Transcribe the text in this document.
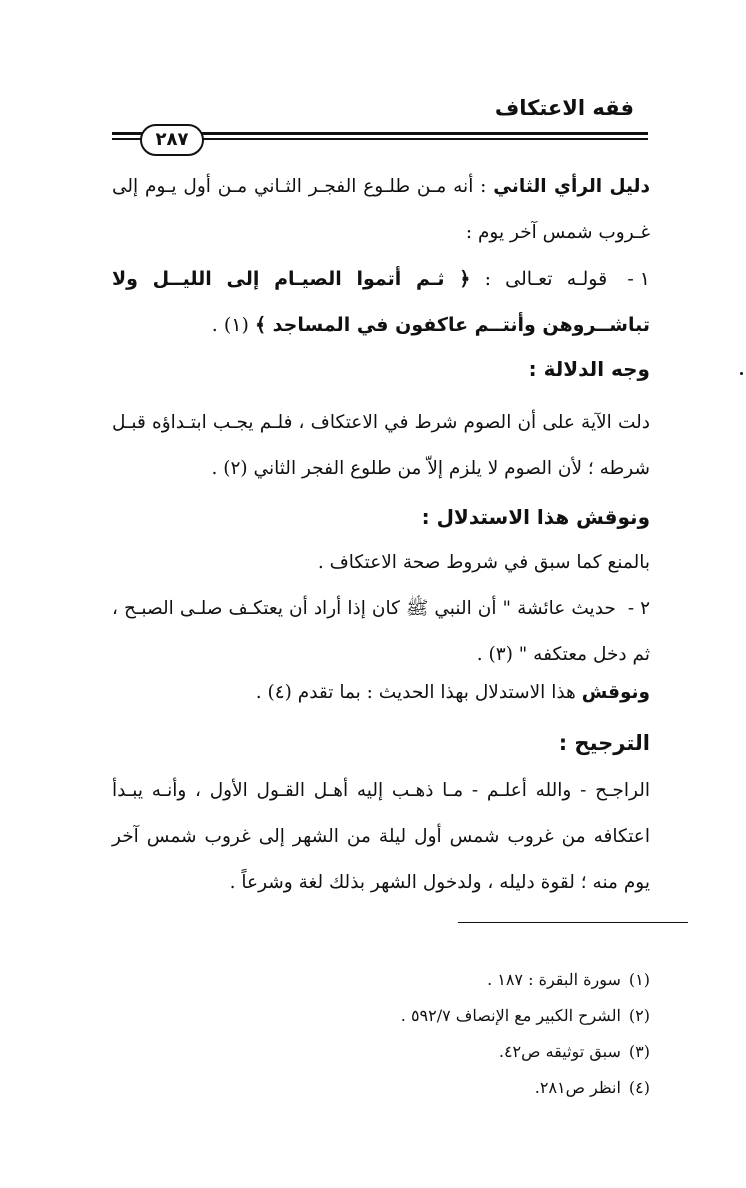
فقه الاعتكاف
٢٨٧
دليل الرأي الثاني : أنه مـن طلـوع الفجـر الثـاني مـن أول يـوم إلى غـروب شمس آخر يوم :
١ - قولـه تعـالى : ﴿ ثـم أتموا الصيـام إلى الليــل ولا تباشــروهن وأنتــم عاكفون في المساجد ﴾ (١) .
وجه الدلالة :
دلت الآية على أن الصوم شرط في الاعتكاف ، فلـم يجـب ابتـداؤه قبـل شرطه ؛ لأن الصوم لا يلزم إلاّ من طلوع الفجر الثاني (٢) .
ونوقش هذا الاستدلال :
بالمنع كما سبق في شروط صحة الاعتكاف .
٢ - حديث عائشة " أن النبي ﷺ كان إذا أراد أن يعتكـف صلـى الصبـح ، ثم دخل معتكفه " (٣) .
ونوقش هذا الاستدلال بهذا الحديث : بما تقدم (٤) .
الترجيح :
الراجـح - والله أعلـم - مـا ذهـب إليه أهـل القـول الأول ، وأنـه يبـدأ اعتكافه من غروب شمس أول ليلة من الشهر إلى غروب شمس آخر يوم منه ؛ لقوة دليله ، ولدخول الشهر بذلك لغة وشرعاً .
(١)سورة البقرة : ١٨٧ .
(٢)الشرح الكبير مع الإنصاف ٥٩٢/٧ .
(٣)سبق توثيقه ص٤٢.
(٤)انظر ص٢٨١.
